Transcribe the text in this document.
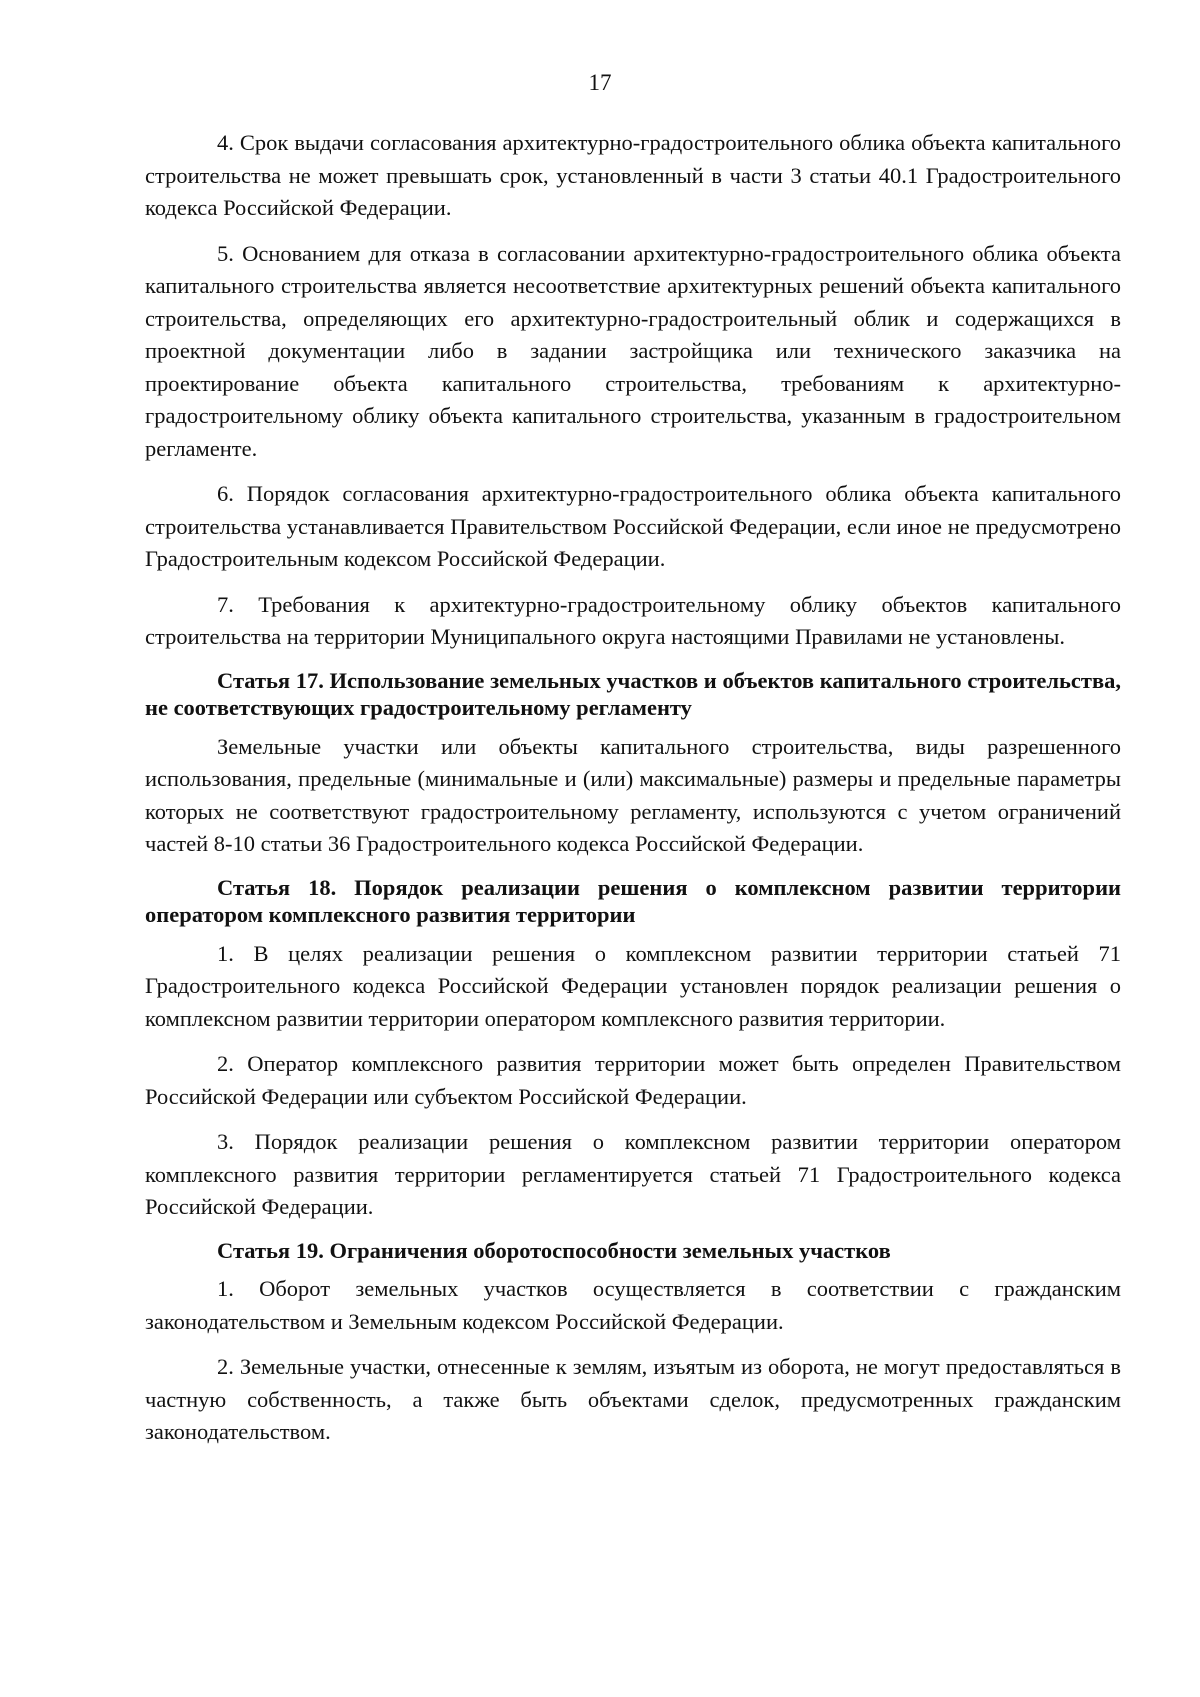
17

4. Срок выдачи согласования архитектурно-градостроительного облика объекта капитального строительства не может превышать срок, установленный в части 3 статьи 40.1 Градостроительного кодекса Российской Федерации.

5. Основанием для отказа в согласовании архитектурно-градостроительного облика объекта капитального строительства является несоответствие архитектурных решений объекта капитального строительства, определяющих его архитектурно-градостроительный облик и содержащихся в проектной документации либо в задании застройщика или технического заказчика на проектирование объекта капитального строительства, требованиям к архитектурно-градостроительному облику объекта капитального строительства, указанным в градостроительном регламенте.

6. Порядок согласования архитектурно-градостроительного облика объекта капитального строительства устанавливается Правительством Российской Федерации, если иное не предусмотрено Градостроительным кодексом Российской Федерации.

7. Требования к архитектурно-градостроительному облику объектов капитального строительства на территории Муниципального округа настоящими Правилами не установлены.

Статья 17. Использование земельных участков и объектов капитального строительства, не соответствующих градостроительному регламенту

Земельные участки или объекты капитального строительства, виды разрешенного использования, предельные (минимальные и (или) максимальные) размеры и предельные параметры которых не соответствуют градостроительному регламенту, используются с учетом ограничений частей 8-10 статьи 36 Градостроительного кодекса Российской Федерации.

Статья 18. Порядок реализации решения о комплексном развитии территории оператором комплексного развития территории

1. В целях реализации решения о комплексном развитии территории статьей 71 Градостроительного кодекса Российской Федерации установлен порядок реализации решения о комплексном развитии территории оператором комплексного развития территории.

2. Оператор комплексного развития территории может быть определен Правительством Российской Федерации или субъектом Российской Федерации.

3. Порядок реализации решения о комплексном развитии территории оператором комплексного развития территории регламентируется статьей 71 Градостроительного кодекса Российской Федерации.

Статья 19. Ограничения оборотоспособности земельных участков

1. Оборот земельных участков осуществляется в соответствии с гражданским законодательством и Земельным кодексом Российской Федерации.

2. Земельные участки, отнесенные к землям, изъятым из оборота, не могут предоставляться в частную собственность, а также быть объектами сделок, предусмотренных гражданским законодательством.
